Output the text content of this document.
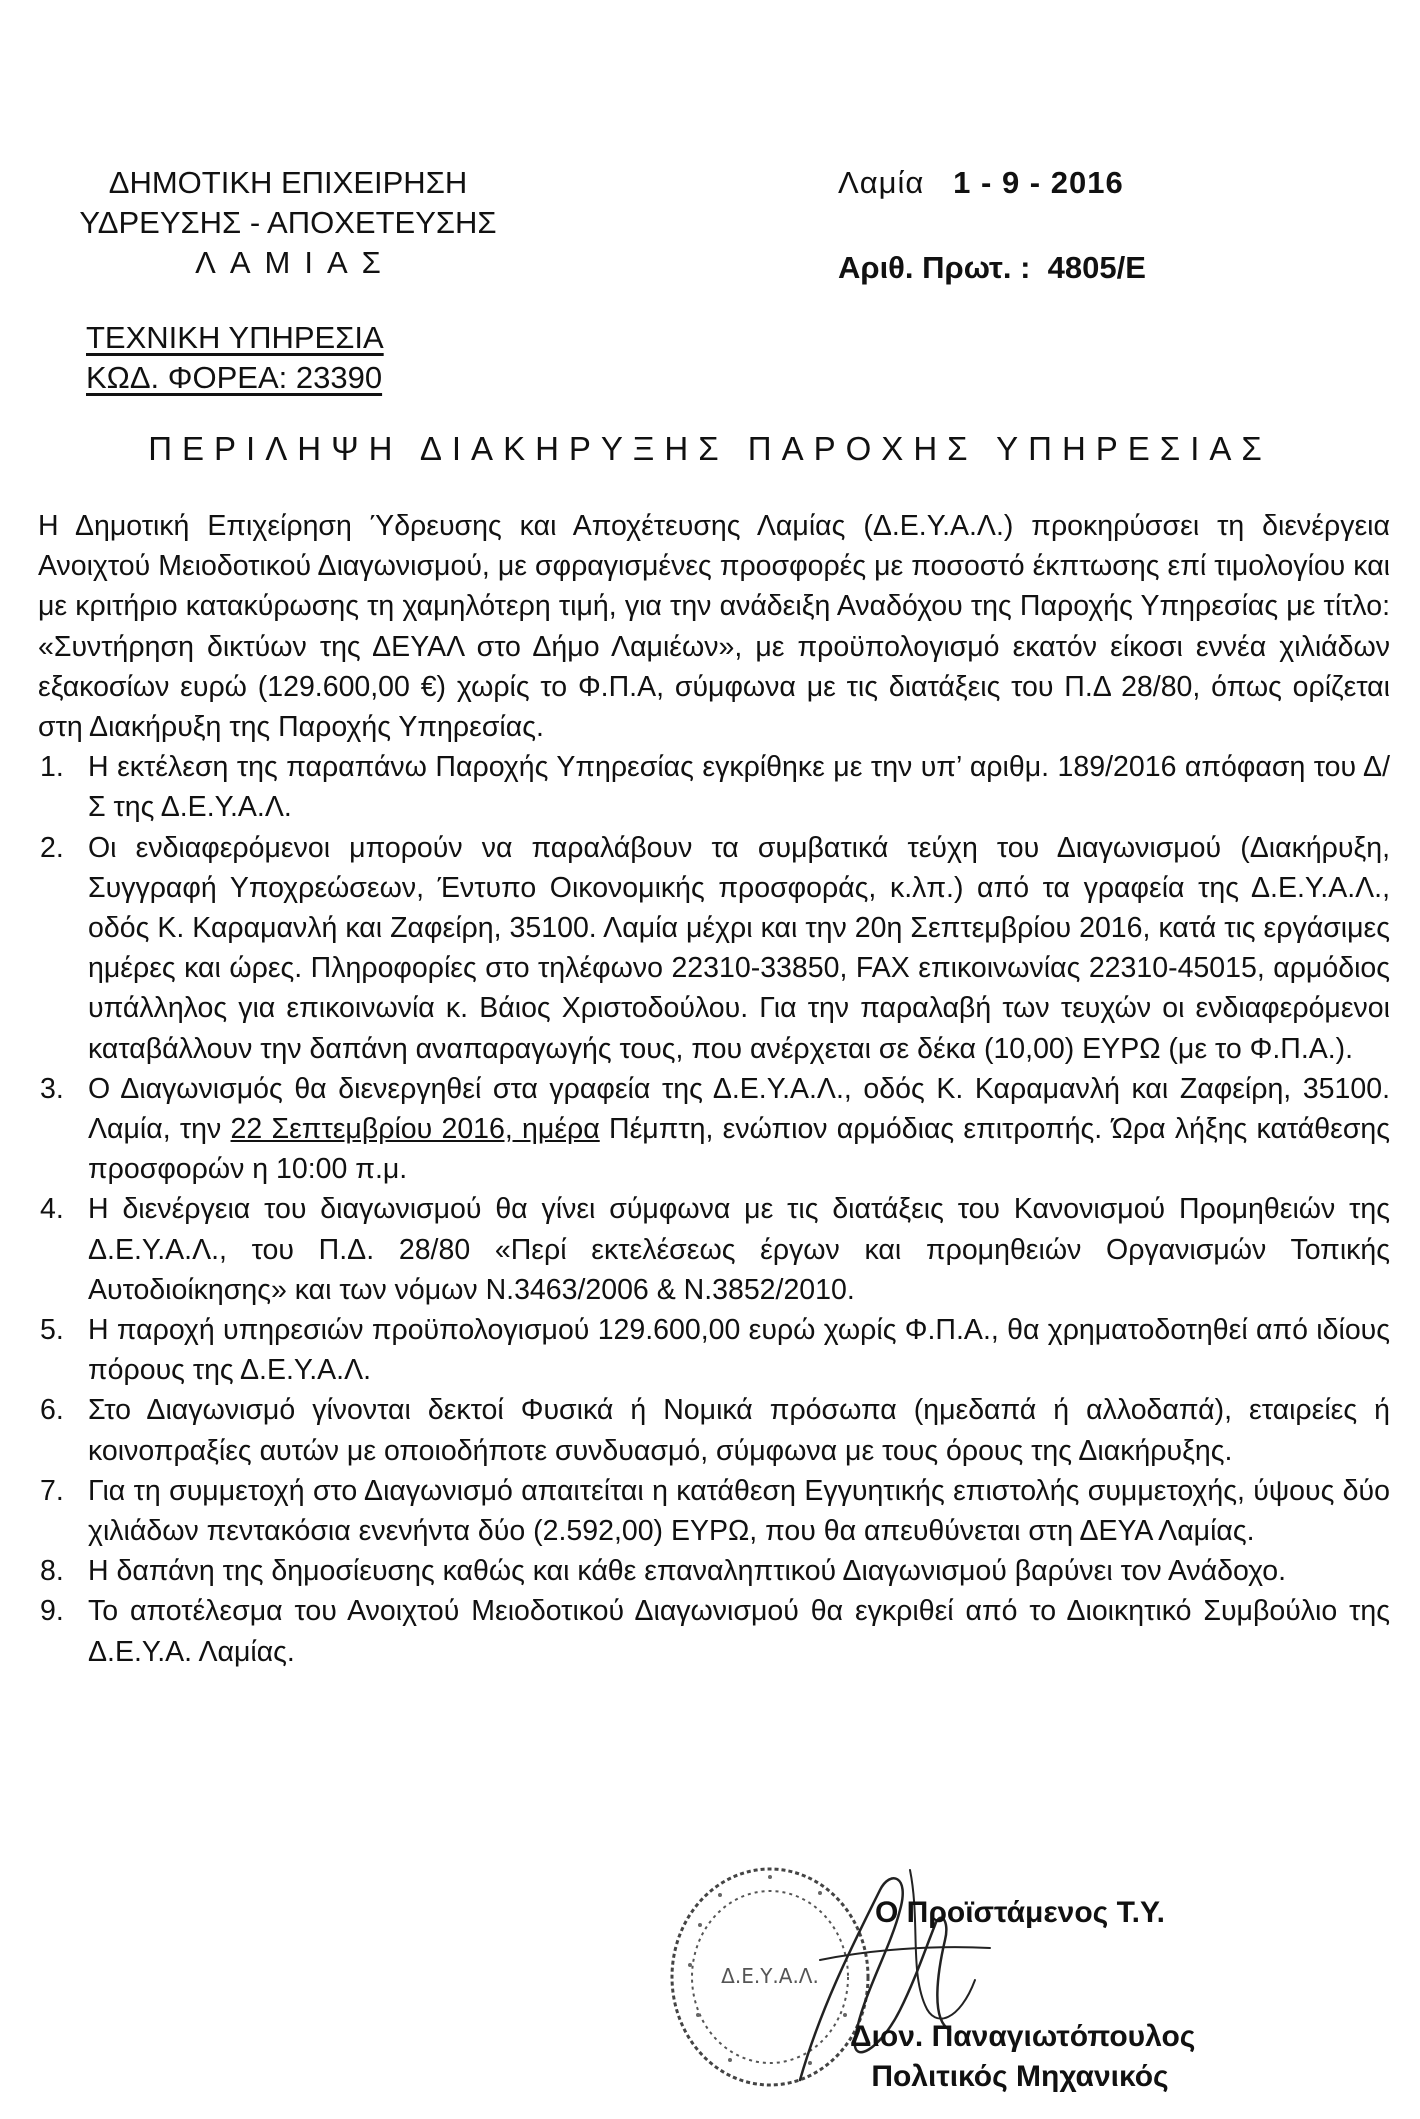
ΔΗΜΟΤΙΚΗ ΕΠΙΧΕΙΡΗΣΗ
ΥΔΡΕΥΣΗΣ - ΑΠΟΧΕΤΕΥΣΗΣ
ΛΑΜΙΑΣ
Λαμία 1 - 9 - 2016
Αριθ. Πρωτ. : 4805/Ε
ΤΕΧΝΙΚΗ ΥΠΗΡΕΣΙΑ
ΚΩΔ. ΦΟΡΕΑ: 23390
ΠΕΡΙΛΗΨΗ ΔΙΑΚΗΡΥΞΗΣ ΠΑΡΟΧΗΣ ΥΠΗΡΕΣΙΑΣ

Η Δημοτική Επιχείρηση Ύδρευσης και Αποχέτευσης Λαμίας (Δ.Ε.Υ.Α.Λ.) προκηρύσσει τη διενέργεια Ανοιχτού Μειοδοτικού Διαγωνισμού, με σφραγισμένες προσφορές με ποσοστό έκπτωσης επί τιμολογίου και με κριτήριο κατακύρωσης τη χαμηλότερη τιμή, για την ανάδειξη Αναδόχου της Παροχής Υπηρεσίας με τίτλο: «Συντήρηση δικτύων της ΔΕΥΑΛ στο Δήμο Λαμιέων», με προϋπολογισμό εκατόν είκοσι εννέα χιλιάδων εξακοσίων ευρώ (129.600,00 €) χωρίς το Φ.Π.Α, σύμφωνα με τις διατάξεις του Π.Δ 28/80, όπως ορίζεται στη Διακήρυξη της Παροχής Υπηρεσίας.

1. Η εκτέλεση της παραπάνω Παροχής Υπηρεσίας εγκρίθηκε με την υπ’ αριθμ. 189/2016 απόφαση του Δ/Σ της Δ.Ε.Υ.Α.Λ.
2. Οι ενδιαφερόμενοι μπορούν να παραλάβουν τα συμβατικά τεύχη του Διαγωνισμού (Διακήρυξη, Συγγραφή Υποχρεώσεων, Έντυπο Οικονομικής προσφοράς, κ.λπ.) από τα γραφεία της Δ.Ε.Υ.Α.Λ., οδός Κ. Καραμανλή και Ζαφείρη, 35100. Λαμία μέχρι και την 20η Σεπτεμβρίου 2016, κατά τις εργάσιμες ημέρες και ώρες. Πληροφορίες στο τηλέφωνο 22310-33850, FAX επικοινωνίας 22310-45015, αρμόδιος υπάλληλος για επικοινωνία κ. Βάιος Χριστοδούλου. Για την παραλαβή των τευχών οι ενδιαφερόμενοι καταβάλλουν την δαπάνη αναπαραγωγής τους, που ανέρχεται σε δέκα (10,00) ΕΥΡΩ (με το Φ.Π.Α.).
3. Ο Διαγωνισμός θα διενεργηθεί στα γραφεία της Δ.Ε.Υ.Α.Λ., οδός Κ. Καραμανλή και Ζαφείρη, 35100. Λαμία, την 22 Σεπτεμβρίου 2016, ημέρα Πέμπτη, ενώπιον αρμόδιας επιτροπής. Ώρα λήξης κατάθεσης προσφορών η 10:00 π.μ.
4. Η διενέργεια του διαγωνισμού θα γίνει σύμφωνα με τις διατάξεις του Κανονισμού Προμηθειών της Δ.Ε.Υ.Α.Λ., του Π.Δ. 28/80 «Περί εκτελέσεως έργων και προμηθειών Οργανισμών Τοπικής Αυτοδιοίκησης» και των νόμων Ν.3463/2006 & Ν.3852/2010.
5. Η παροχή υπηρεσιών προϋπολογισμού 129.600,00 ευρώ χωρίς Φ.Π.Α., θα χρηματοδοτηθεί από ιδίους πόρους της Δ.Ε.Υ.Α.Λ.
6. Στο Διαγωνισμό γίνονται δεκτοί Φυσικά ή Νομικά πρόσωπα (ημεδαπά ή αλλοδαπά), εταιρείες ή κοινοπραξίες αυτών με οποιοδήποτε συνδυασμό, σύμφωνα με τους όρους της Διακήρυξης.
7. Για τη συμμετοχή στο Διαγωνισμό απαιτείται η κατάθεση Εγγυητικής επιστολής συμμετοχής, ύψους δύο χιλιάδων πεντακόσια ενενήντα δύο (2.592,00) ΕΥΡΩ, που θα απευθύνεται στη ΔΕΥΑ Λαμίας.
8. Η δαπάνη της δημοσίευσης καθώς και κάθε επαναληπτικού Διαγωνισμού βαρύνει τον Ανάδοχο.
9. Το αποτέλεσμα του Ανοιχτού Μειοδοτικού Διαγωνισμού θα εγκριθεί από το Διοικητικό Συμβούλιο της Δ.Ε.Υ.Α. Λαμίας.
Δ.Ε.Υ.Α.Λ.
Ο Προϊστάμενος Τ.Υ.
Διον. Παναγιωτόπουλος
Πολιτικός Μηχανικός
